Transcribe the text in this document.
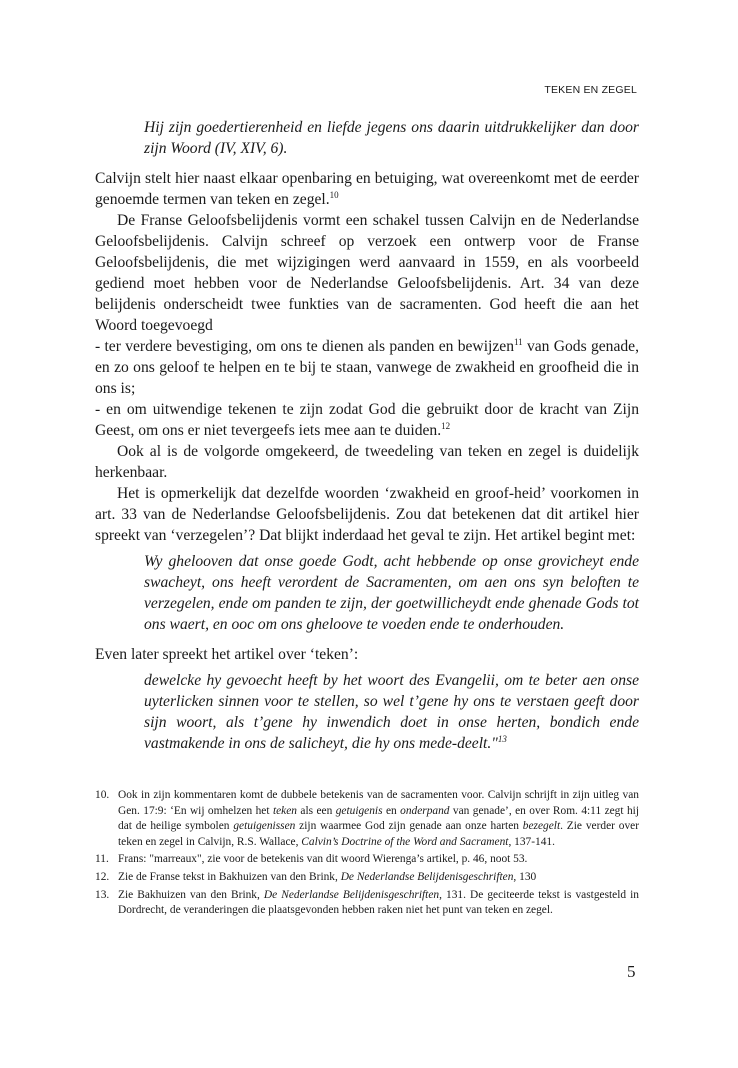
TEKEN EN ZEGEL

Hij zijn goedertierenheid en liefde jegens ons daarin uitdrukkelijker dan door zijn Woord (IV, XIV, 6).

Calvijn stelt hier naast elkaar openbaring en betuiging, wat overeenkomt met de eerder genoemde termen van teken en zegel.$^{10}$

De Franse Geloofsbelijdenis vormt een schakel tussen Calvijn en de Nederlandse Geloofsbelijdenis. Calvijn schreef op verzoek een ontwerp voor de Franse Geloofsbelijdenis, die met wijzigingen werd aanvaard in 1559, en als voorbeeld gediend moet hebben voor de Nederlandse Geloofsbelijdenis. Art. 34 van deze belijdenis onderscheidt twee funkties van de sacramenten. God heeft die aan het Woord toegevoegd

- ter verdere bevestiging, om ons te dienen als panden en bewijzen$^{11}$ van Gods genade, en zo ons geloof te helpen en te bij te staan, vanwege de zwakheid en groofheid die in ons is;

- en om uitwendige tekenen te zijn zodat God die gebruikt door de kracht van Zijn Geest, om ons er niet tevergeefs iets mee aan te duiden.$^{12}$

Ook al is de volgorde omgekeerd, de tweedeling van teken en zegel is duidelijk herkenbaar.

Het is opmerkelijk dat dezelfde woorden ‘zwakheid en groof-heid’ voorkomen in art. 33 van de Nederlandse Geloofsbelijdenis. Zou dat betekenen dat dit artikel hier spreekt van ‘verzegelen’? Dat blijkt inderdaad het geval te zijn. Het artikel begint met:

Wy ghelooven dat onse goede Godt, acht hebbende op onse grovicheyt ende swacheyt, ons heeft verordent de Sacramenten, om aen ons syn beloften te verzegelen, ende om panden te zijn, der goetwillicheydt ende ghenade Gods tot ons waert, en ooc om ons gheloove te voeden ende te onderhouden.

Even later spreekt het artikel over ‘teken’:

dewelcke hy gevoecht heeft by het woort des Evangelii, om te beter aen onse uyterlicken sinnen voor te stellen, so wel t’gene hy ons te verstaen geeft door sijn woort, als t’gene hy inwendich doet in onse herten, bondich ende vastmakende in ons de salicheyt, die hy ons mede-deelt."$^{13}$

10. Ook in zijn kommentaren komt de dubbele betekenis van de sacramenten voor. Calvijn schrijft in zijn uitleg van Gen. 17:9: ‘En wij omhelzen het teken als een getuigenis en onderpand van genade’, en over Rom. 4:11 zegt hij dat de heilige symbolen getuigenissen zijn waarmee God zijn genade aan onze harten bezegelt. Zie verder over teken en zegel in Calvijn, R.S. Wallace, Calvin’s Doctrine of the Word and Sacrament, 137-141.
11. Frans: "marreaux", zie voor de betekenis van dit woord Wierenga’s artikel, p. 46, noot 53.
12. Zie de Franse tekst in Bakhuizen van den Brink, De Nederlandse Belijdenisgeschriften, 130
13. Zie Bakhuizen van den Brink, De Nederlandse Belijdenisgeschriften, 131. De geciteerde tekst is vastgesteld in Dordrecht, de veranderingen die plaatsgevonden hebben raken niet het punt van teken en zegel.
5
